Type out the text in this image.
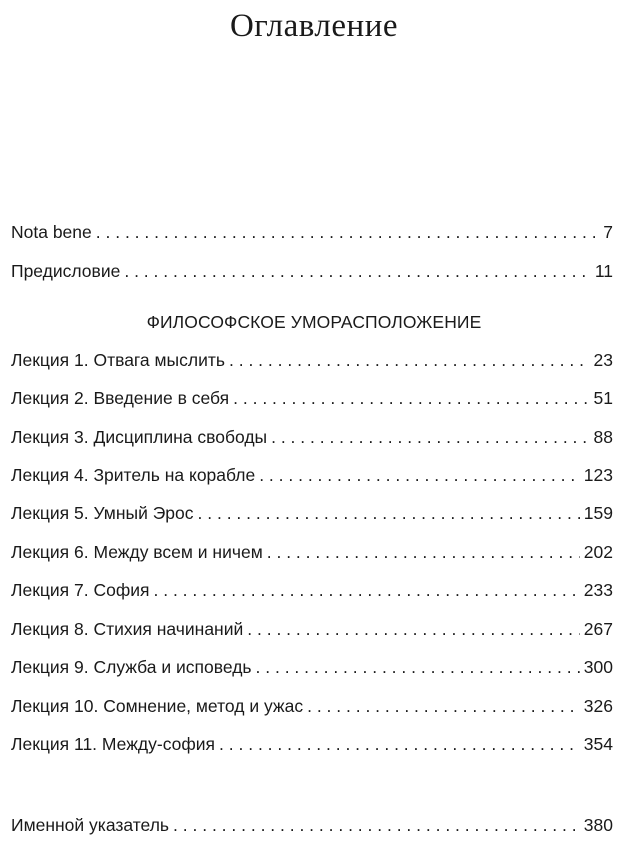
Оглавление
Nota bene . . .	7
Предисловие . . .	11
ФИЛОСОФСКОЕ УМОРАСПОЛОЖЕНИЕ
Лекция 1. Отвага мыслить . . .	23
Лекция 2. Введение в себя . . .	51
Лекция 3. Дисциплина свободы . . .	88
Лекция 4. Зритель на корабле . . .	123
Лекция 5. Умный Эрос . . .	159
Лекция 6. Между всем и ничем . . .	202
Лекция 7. София . . .	233
Лекция 8. Стихия начинаний . . .	267
Лекция 9. Служба и исповедь . . .	300
Лекция 10. Сомнение, метод и ужас . . .	326
Лекция 11. Между-софия . . .	354
Именной указатель . . .	380
